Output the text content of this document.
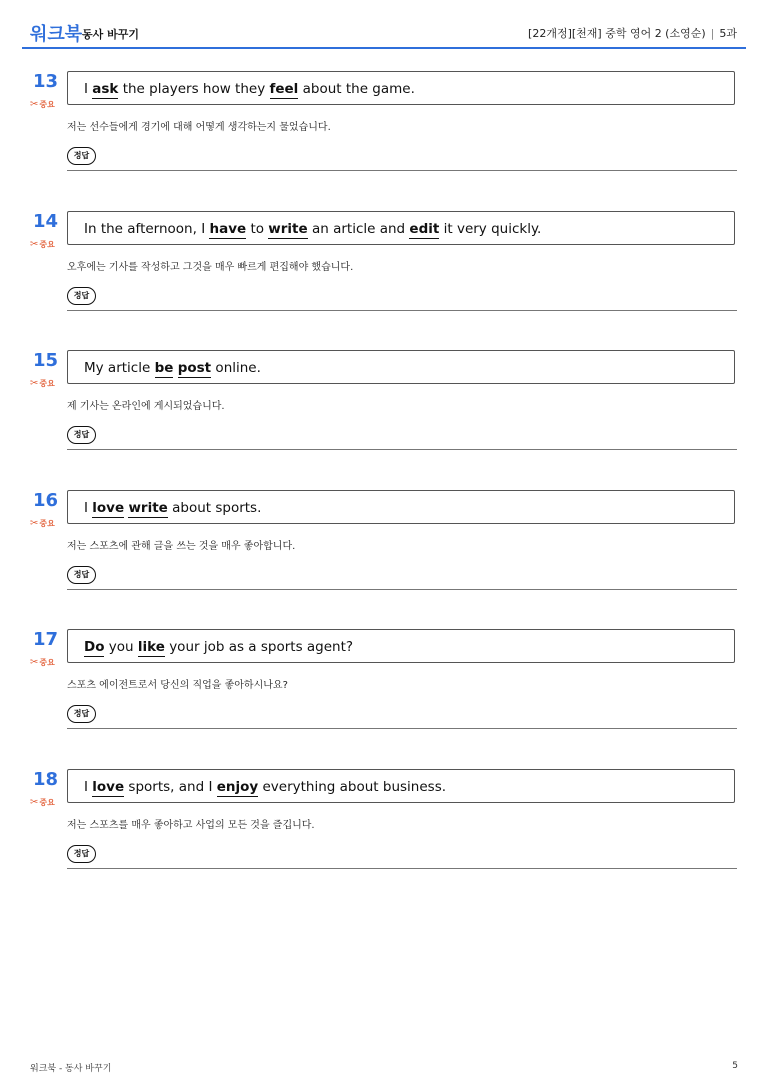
워크북 동사 바꾸기	[22개정][천재] 중학 영어 2 (소영순) | 5과
13
✂중요
I ask the players how they feel about the game.
저는 선수들에게 경기에 대해 어떻게 생각하는지 물었습니다.
정답
14
✂중요
In the afternoon, I have to write an article and edit it very quickly.
오후에는 기사를 작성하고 그것을 매우 빠르게 편집해야 했습니다.
정답
15
✂중요
My article be post online.
제 기사는 온라인에 게시되었습니다.
정답
16
✂중요
I love write about sports.
저는 스포츠에 관해 글을 쓰는 것을 매우 좋아합니다.
정답
17
✂중요
Do you like your job as a sports agent?
스포츠 에이전트로서 당신의 직업을 좋아하시나요?
정답
18
✂중요
I love sports, and I enjoy everything about business.
저는 스포츠를 매우 좋아하고 사업의 모든 것을 즐깁니다.
정답
워크북 - 동사 바꾸기	5
